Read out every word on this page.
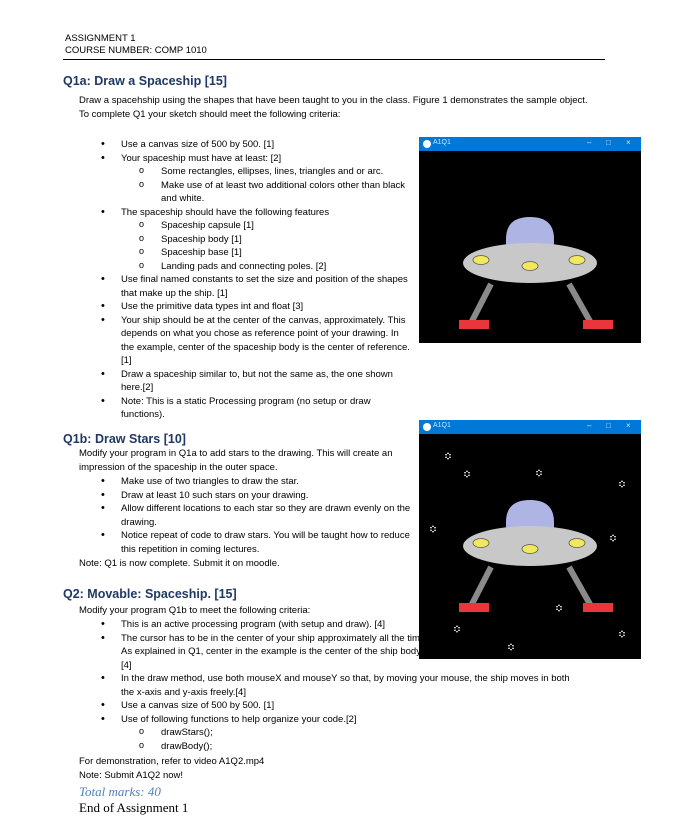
ASSIGNMENT 1
COURSE NUMBER: COMP 1010
Q1a: Draw a Spaceship [15]
Draw a spacehship using the shapes that have been taught to you in the class. Figure 1 demonstrates the sample object. To complete Q1 your sketch should meet the following criteria:
• Use a canvas size of 500 by 500. [1]
• Your spaceship must have at least: [2]
o Some rectangles, ellipses, lines, triangles and or arc.
o Make use of at least two additional colors other than black and white.
• The spaceship should have the following features
o Spaceship capsule [1]
o Spaceship body [1]
o Spaceship base [1]
o Landing pads and connecting poles. [2]
• Use final named constants to set the size and position of the shapes that make up the ship. [1]
• Use the primitive data types int and float [3]
• Your ship should be at the center of the canvas, approximately. This depends on what you chose as reference point of your drawing. In the example, center of the spaceship body is the center of reference. [1]
• Draw a spaceship similar to, but not the same as, the one shown here.[2]
• Note: This is a static Processing program (no setup or draw functions).
A1Q1	– □ ×
Q1b: Draw Stars [10]
Modify your program in Q1a to add stars to the drawing. This will create an impression of the spaceship in the outer space.
• Make use of two triangles to draw the star.
• Draw at least 10 such stars on your drawing.
• Allow different locations to each star so they are drawn evenly on the drawing.
• Notice repeat of code to draw stars. You will be taught how to reduce this repetition in coming lectures.
Note: Q1 is now complete. Submit it on moodle.
A1Q1	– □ ×
Q2: Movable: Spaceship. [15]
Modify your program Q1b to meet the following criteria:
• This is an active processing program (with setup and draw). [4]
• The cursor has to be in the center of your ship approximately all the times. As explained in Q1, center in the example is the center of the ship body. [4]
• In the draw method, use both mouseX and mouseY so that, by moving your mouse, the ship moves in both the x-axis and y-axis freely.[4]
• Use a canvas size of 500 by 500. [1]
• Use of following functions to help organize your code.[2]
o drawStars();
o drawBody();
For demonstration, refer to video A1Q2.mp4
Note: Submit A1Q2 now!
Total marks: 40
End of Assignment 1
